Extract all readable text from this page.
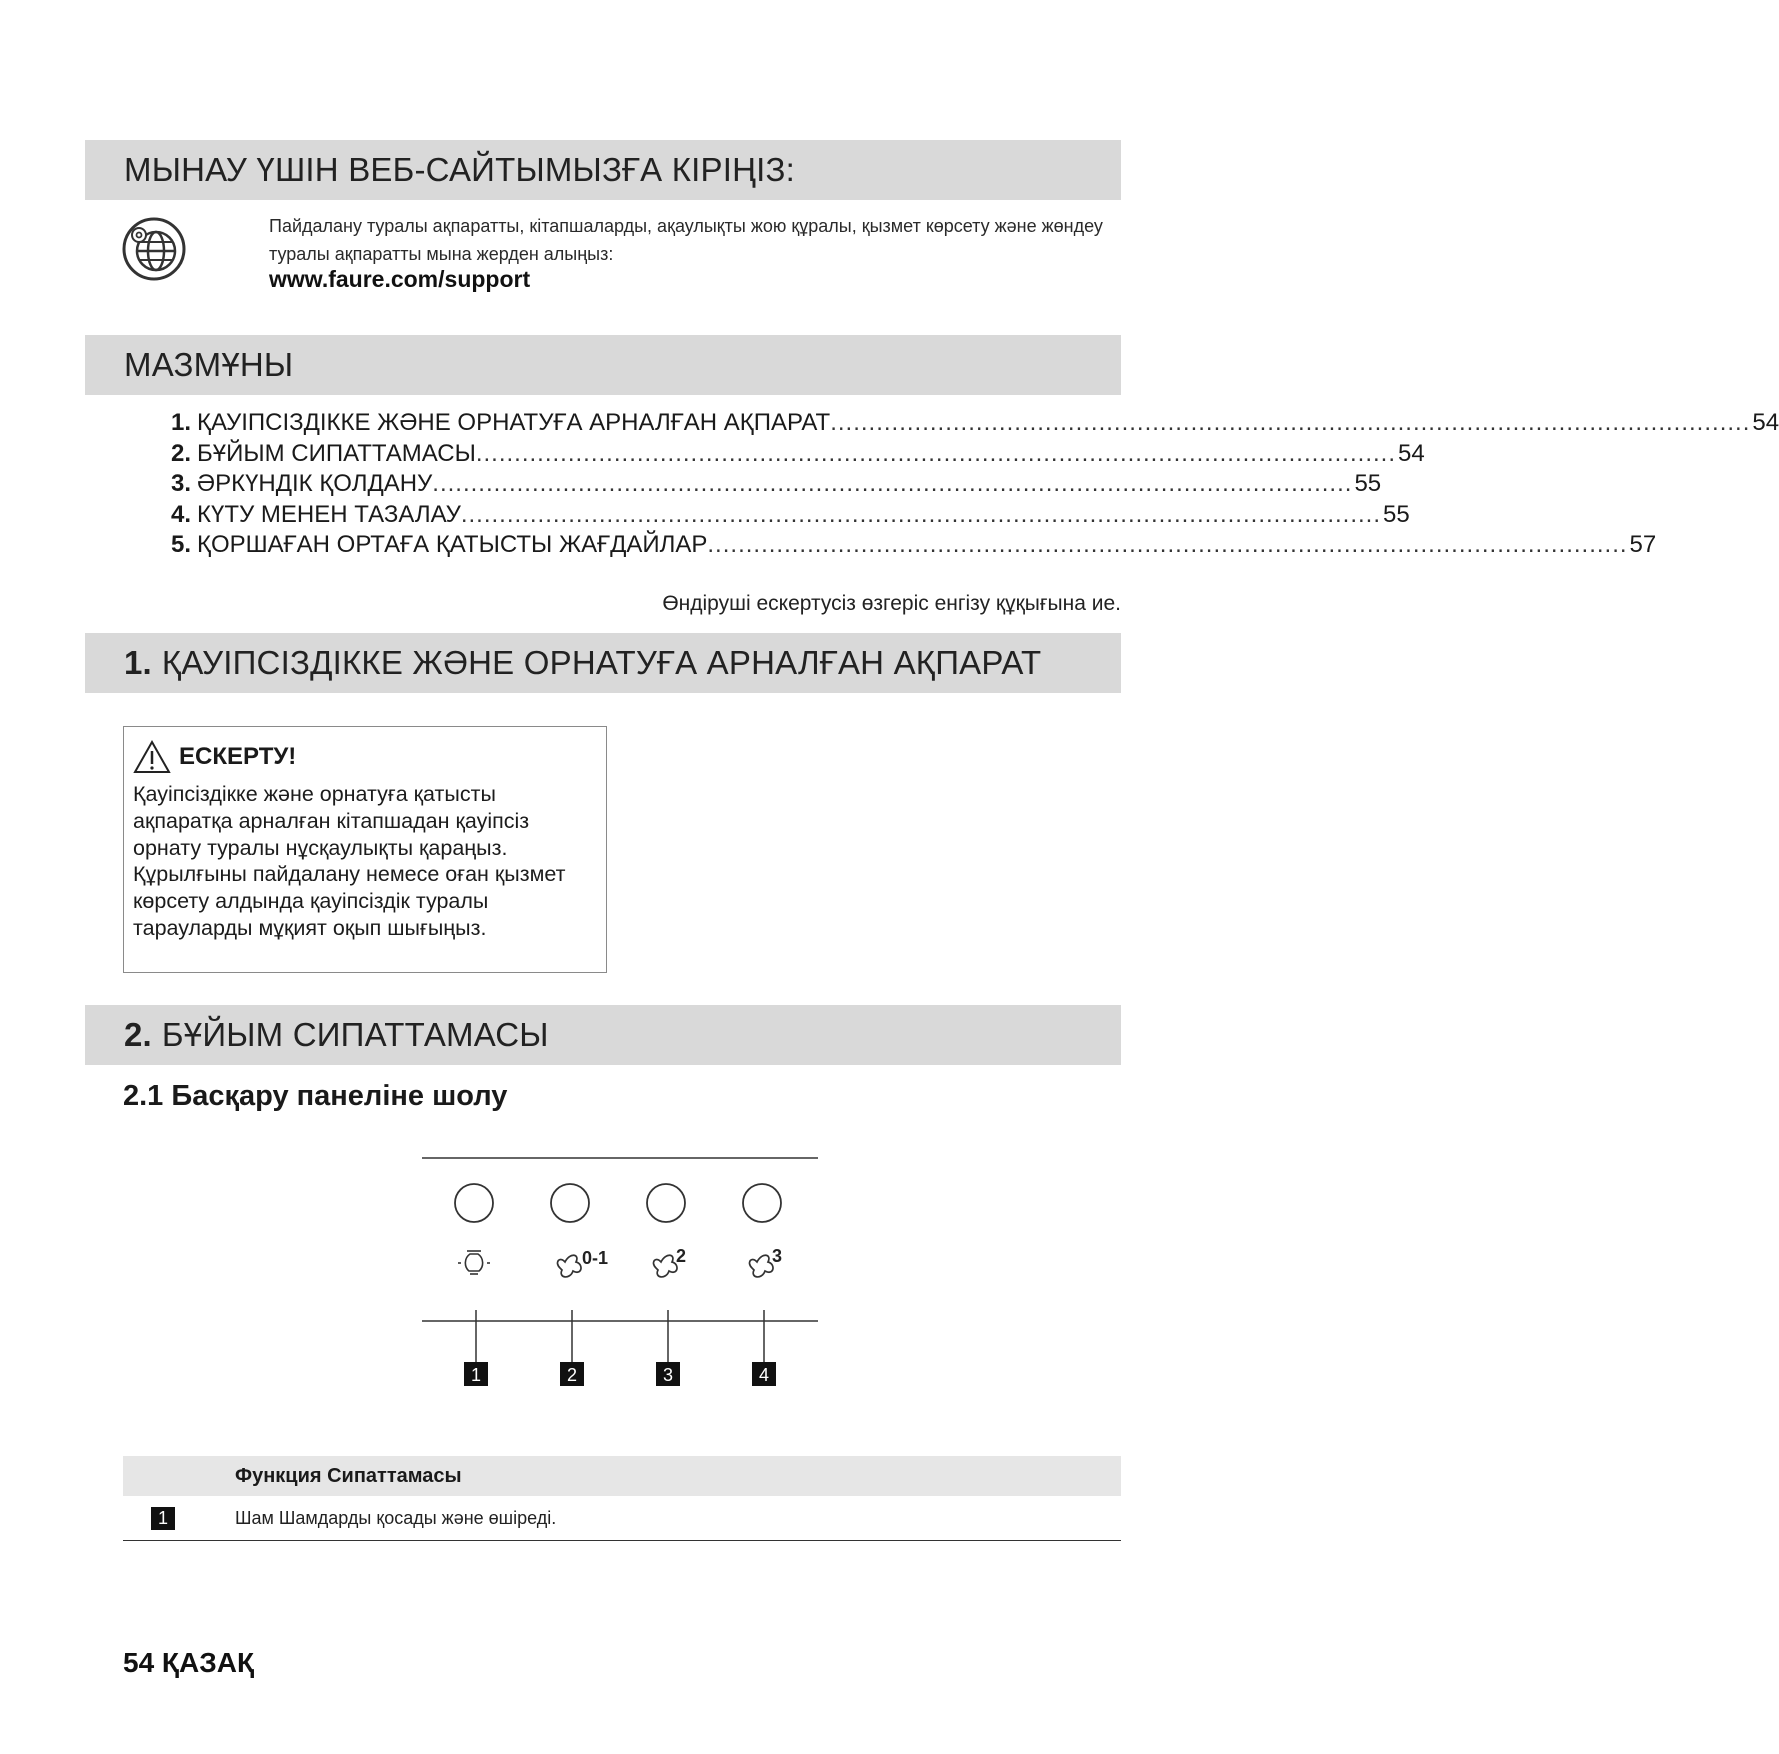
МЫНАУ ҮШІН ВЕБ-САЙТЫМЫЗҒА КІРІҢІЗ:
Пайдалану туралы ақпаратты, кітапшаларды, ақаулықты жою құралы, қызмет көрсету және жөндеу туралы ақпаратты мына жерден алыңыз:
www.faure.com/support
МАЗМҰНЫ
1. ҚАУІПСІЗДІККЕ ЖӘНЕ ОРНАТУҒА АРНАЛҒАН АҚПАРАТ ........................................................................................................................ 54
2. БҰЙЫМ СИПАТТАМАСЫ ........................................................................................................................ 54
3. ӘРКҮНДІК ҚОЛДАНУ ........................................................................................................................ 55
4. КҮТУ МЕНЕН ТАЗАЛАУ ........................................................................................................................ 55
5. ҚОРШАҒАН ОРТАҒА ҚАТЫСТЫ ЖАҒДАЙЛАР ........................................................................................................................ 57
Өндіруші ескертусіз өзгеріс енгізу құқығына ие.
1. ҚАУІПСІЗДІККЕ ЖӘНЕ ОРНАТУҒА АРНАЛҒАН АҚПАРАТ
ЕСКЕРТУ!
Қауіпсіздікке және орнатуға қатысты ақпаратқа арналған кітапшадан қауіпсіз орнату туралы нұсқаулықты қараңыз. Құрылғыны пайдалану немесе оған қызмет көрсету алдында қауіпсіздік туралы тарауларды мұқият оқып шығыңыз.
2. БҰЙЫМ СИПАТТАМАСЫ
2.1 Басқару панеліне шолу
0-1	2	3
1	2	3	4
Функция Сипаттамасы
1	Шам Шамдарды қосады және өшіреді.
54 ҚАЗАҚ
